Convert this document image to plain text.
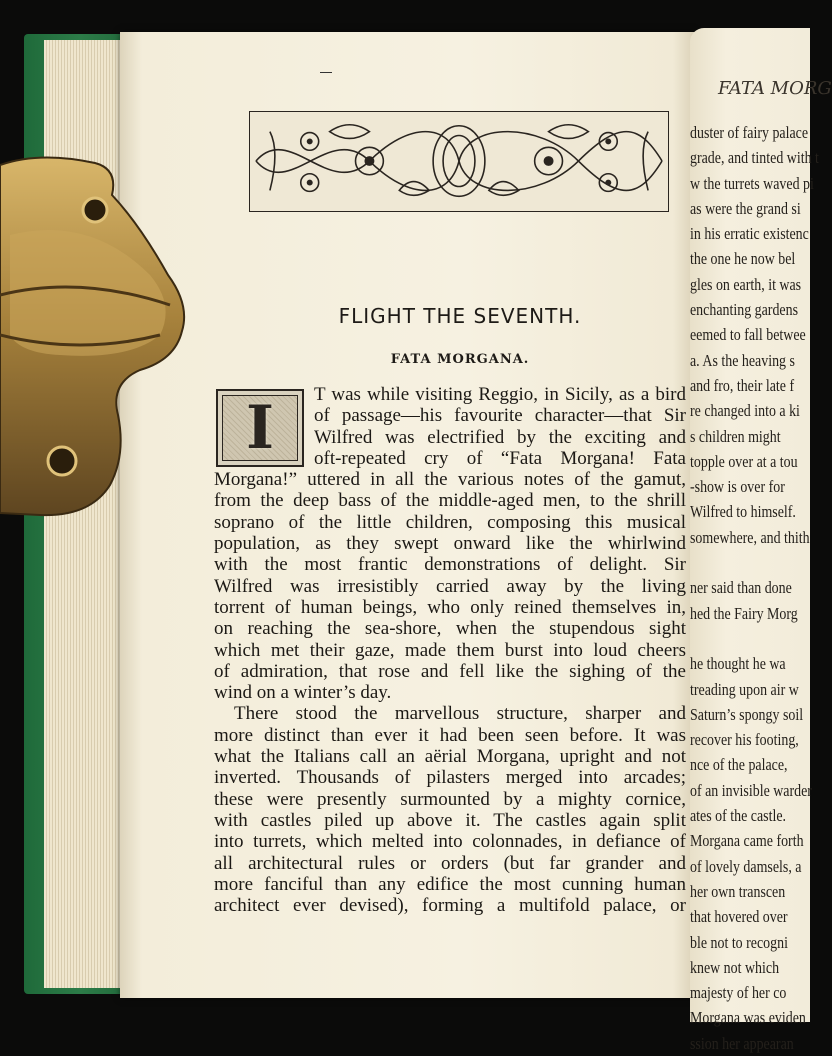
FLIGHT THE SEVENTH.
FATA MORGANA.
I	T was while visiting Reggio, in Sicily, as a bird
of passage—his favourite character—that Sir
Wilfred was electrified by the exciting and
oft-repeated cry of “Fata Morgana! Fata
Morgana!” uttered in all the various notes of the gamut,
from the deep bass of the middle-aged men, to the shrill
soprano of the little children, composing this musical
population, as they swept onward like the whirlwind
with the most frantic demonstrations of delight. Sir
Wilfred was irresistibly carried away by the living
torrent of human beings, who only reined themselves in,
on reaching the sea-shore, when the stupendous sight
which met their gaze, made them burst into loud cheers
of admiration, that rose and fell like the sighing of the
wind on a winter’s day.
There stood the marvellous structure, sharper and
more distinct than ever it had been seen before. It was
what the Italians call an aërial Morgana, upright and not
inverted. Thousands of pilasters merged into arcades;
these were presently surmounted by a mighty cornice,
with castles piled up above it. The castles again split
into turrets, which melted into colonnades, in defiance of
all architectural rules or orders (but far grander and
more fanciful than any edifice the most cunning human
architect ever devised), forming a multifold palace, or
FATA MORG
duster of fairy palace
grade, and tinted with t
w the turrets waved pi
as were the grand si
in his erratic existenc
the one he now bel
gles on earth, it was
enchanting gardens
eemed to fall betwee
a. As the heaving s
and fro, their late f
re changed into a ki
s children might
topple over at a tou
-show is over for
Wilfred to himself.
somewhere, and thith

ner said than done
hed the Fairy Morg

he thought he wa
treading upon air w
Saturn’s spongy soil
recover his footing,
nce of the palace,
of an invisible warder
ates of the castle.
Morgana came forth
of lovely damsels, a
her own transcen
that hovered over
ble not to recogni
knew not which
majesty of her co
Morgana was eviden
ssion her appearan
